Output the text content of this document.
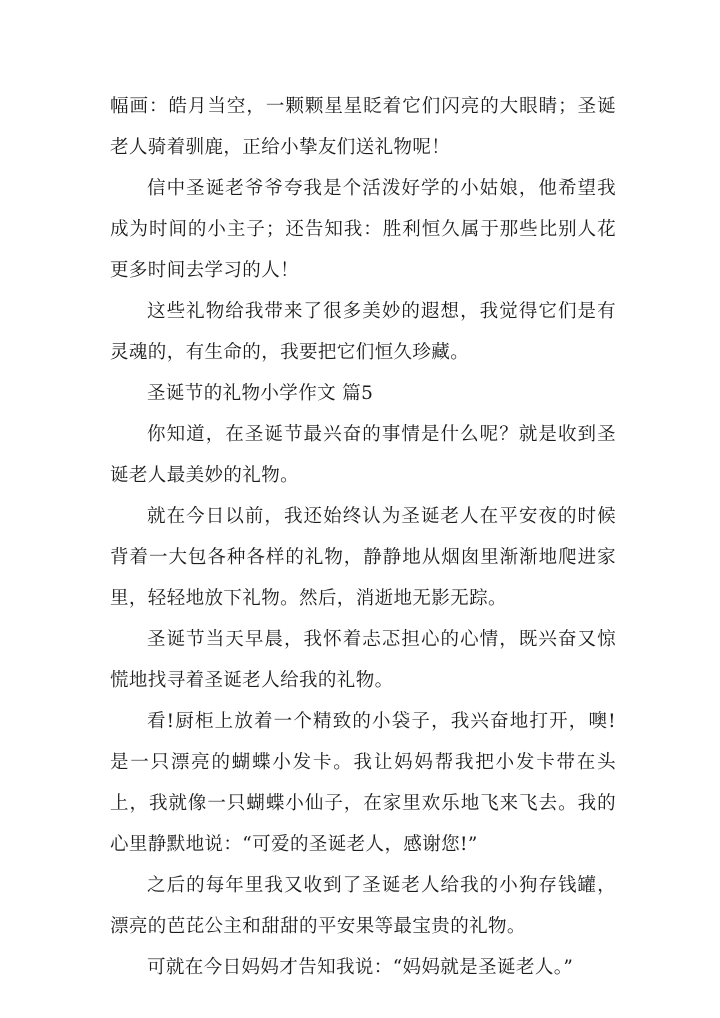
幅画：皓月当空，一颗颗星星眨着它们闪亮的大眼睛；圣诞老人骑着驯鹿，正给小挚友们送礼物呢！

信中圣诞老爷爷夸我是个活泼好学的小姑娘，他希望我成为时间的小主子；还告知我：胜利恒久属于那些比别人花更多时间去学习的人！

这些礼物给我带来了很多美妙的遐想，我觉得它们是有灵魂的，有生命的，我要把它们恒久珍藏。

圣诞节的礼物小学作文 篇5

你知道，在圣诞节最兴奋的事情是什么呢？就是收到圣诞老人最美妙的礼物。

就在今日以前，我还始终认为圣诞老人在平安夜的时候背着一大包各种各样的礼物，静静地从烟囱里渐渐地爬进家里，轻轻地放下礼物。然后，消逝地无影无踪。

圣诞节当天早晨，我怀着忐忑担心的心情，既兴奋又惊慌地找寻着圣诞老人给我的礼物。

看!厨柜上放着一个精致的小袋子，我兴奋地打开，噢!是一只漂亮的蝴蝶小发卡。我让妈妈帮我把小发卡带在头上，我就像一只蝴蝶小仙子，在家里欢乐地飞来飞去。我的心里静默地说：“可爱的圣诞老人，感谢您!”

之后的每年里我又收到了圣诞老人给我的小狗存钱罐，漂亮的芭芘公主和甜甜的平安果等最宝贵的礼物。

可就在今日妈妈才告知我说：“妈妈就是圣诞老人。”
